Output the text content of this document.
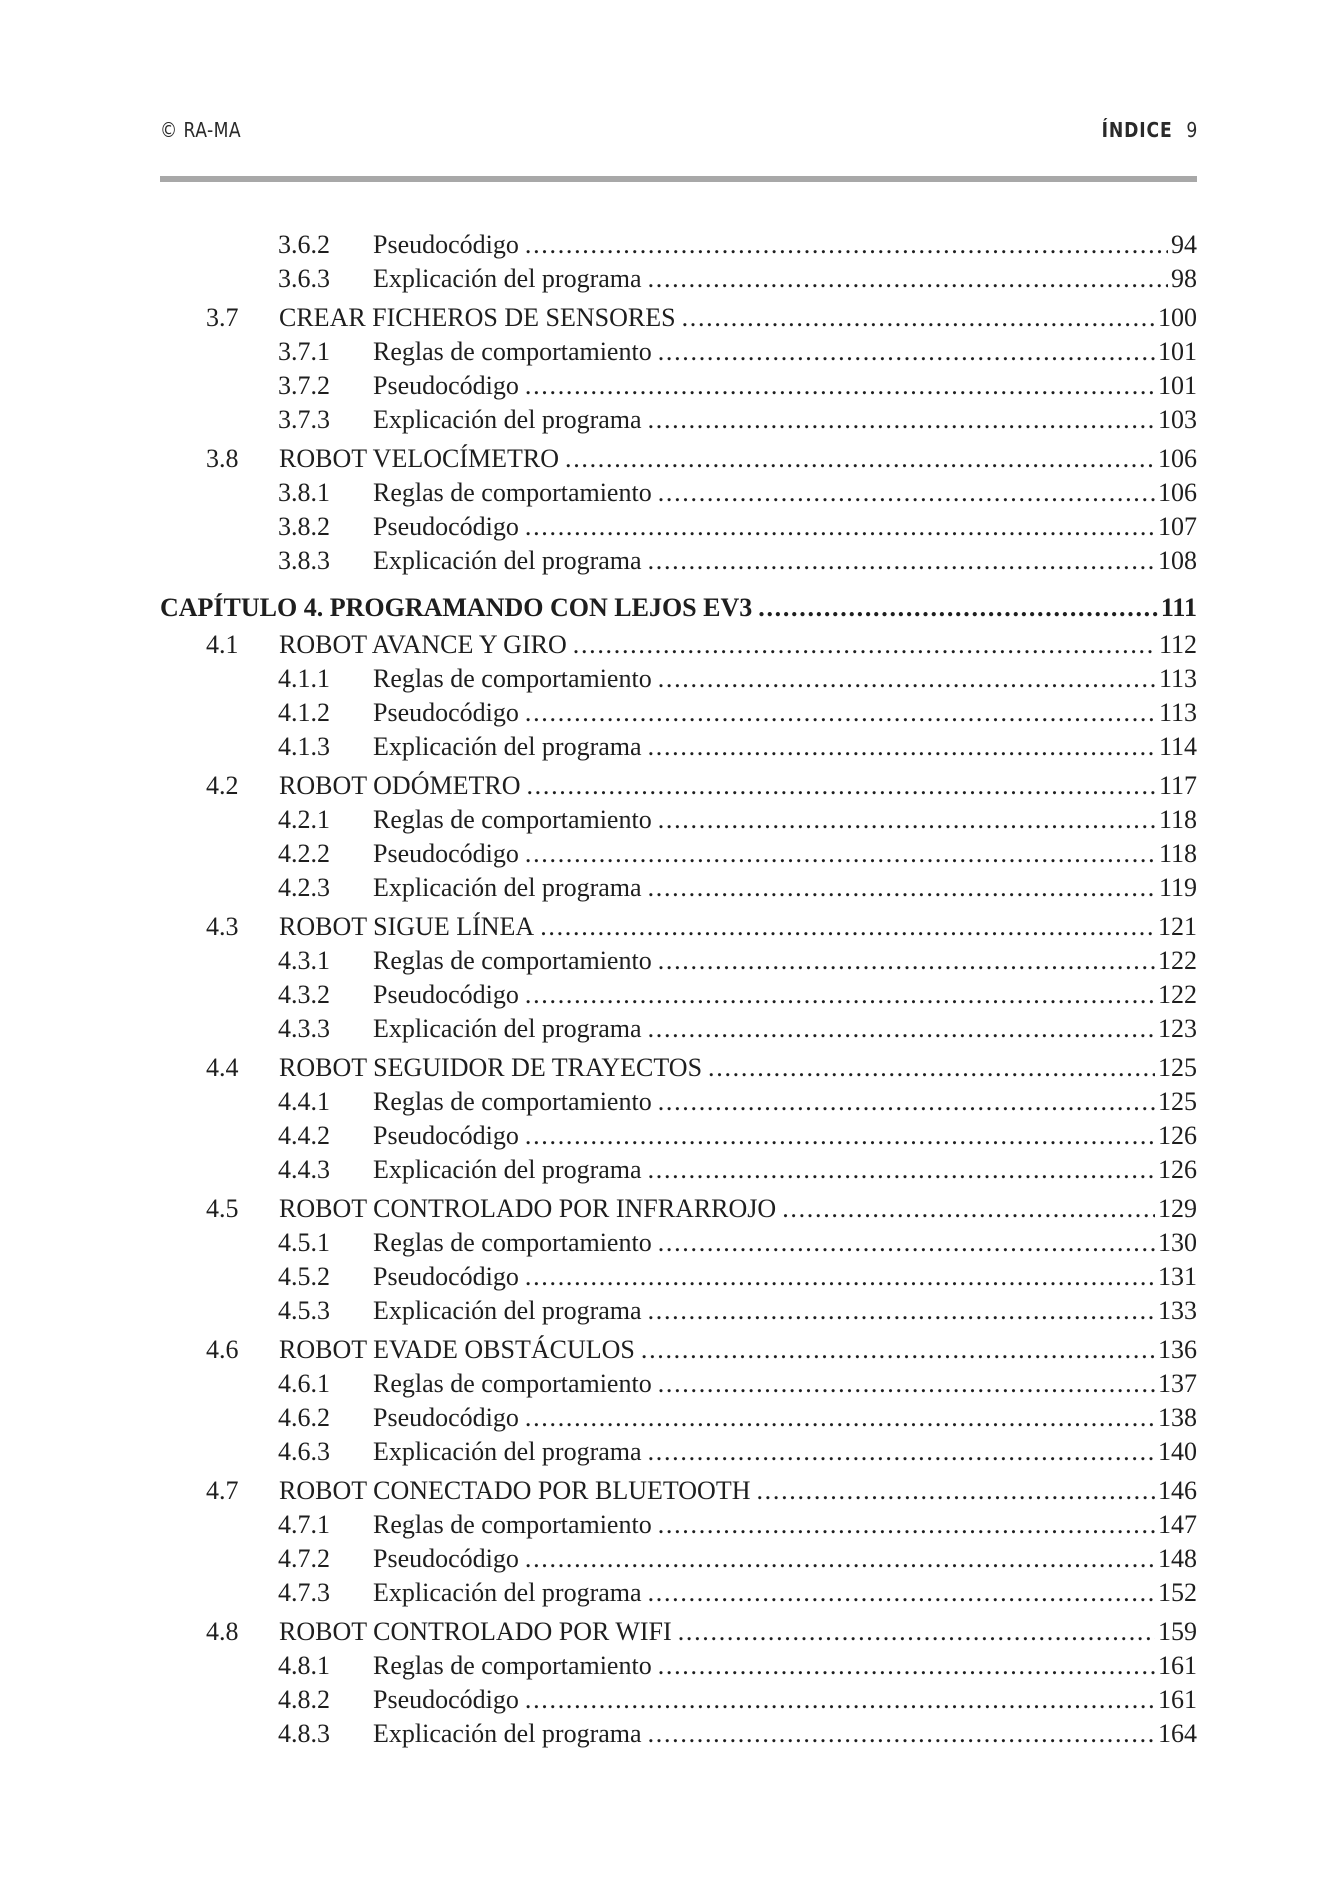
© RA-MA	ÍNDICE 9
3.6.2	Pseudocódigo . . .	94
3.6.3	Explicación del programa . . .	98
3.7	CREAR FICHEROS DE SENSORES . . .	100
3.7.1	Reglas de comportamiento . . .	101
3.7.2	Pseudocódigo . . .	101
3.7.3	Explicación del programa . . .	103
3.8	ROBOT VELOCÍMETRO . . .	106
3.8.1	Reglas de comportamiento . . .	106
3.8.2	Pseudocódigo . . .	107
3.8.3	Explicación del programa . . .	108
CAPÍTULO 4. PROGRAMANDO CON LEJOS EV3 . . .	111
4.1	ROBOT AVANCE Y GIRO . . .	112
4.1.1	Reglas de comportamiento . . .	113
4.1.2	Pseudocódigo . . .	113
4.1.3	Explicación del programa . . .	114
4.2	ROBOT ODÓMETRO . . .	117
4.2.1	Reglas de comportamiento . . .	118
4.2.2	Pseudocódigo . . .	118
4.2.3	Explicación del programa . . .	119
4.3	ROBOT SIGUE LÍNEA . . .	121
4.3.1	Reglas de comportamiento . . .	122
4.3.2	Pseudocódigo . . .	122
4.3.3	Explicación del programa . . .	123
4.4	ROBOT SEGUIDOR DE TRAYECTOS . . .	125
4.4.1	Reglas de comportamiento . . .	125
4.4.2	Pseudocódigo . . .	126
4.4.3	Explicación del programa . . .	126
4.5	ROBOT CONTROLADO POR INFRARROJO . . .	129
4.5.1	Reglas de comportamiento . . .	130
4.5.2	Pseudocódigo . . .	131
4.5.3	Explicación del programa . . .	133
4.6	ROBOT EVADE OBSTÁCULOS . . .	136
4.6.1	Reglas de comportamiento . . .	137
4.6.2	Pseudocódigo . . .	138
4.6.3	Explicación del programa . . .	140
4.7	ROBOT CONECTADO POR BLUETOOTH . . .	146
4.7.1	Reglas de comportamiento . . .	147
4.7.2	Pseudocódigo . . .	148
4.7.3	Explicación del programa . . .	152
4.8	ROBOT CONTROLADO POR WIFI . . .	159
4.8.1	Reglas de comportamiento . . .	161
4.8.2	Pseudocódigo . . .	161
4.8.3	Explicación del programa . . .	164
